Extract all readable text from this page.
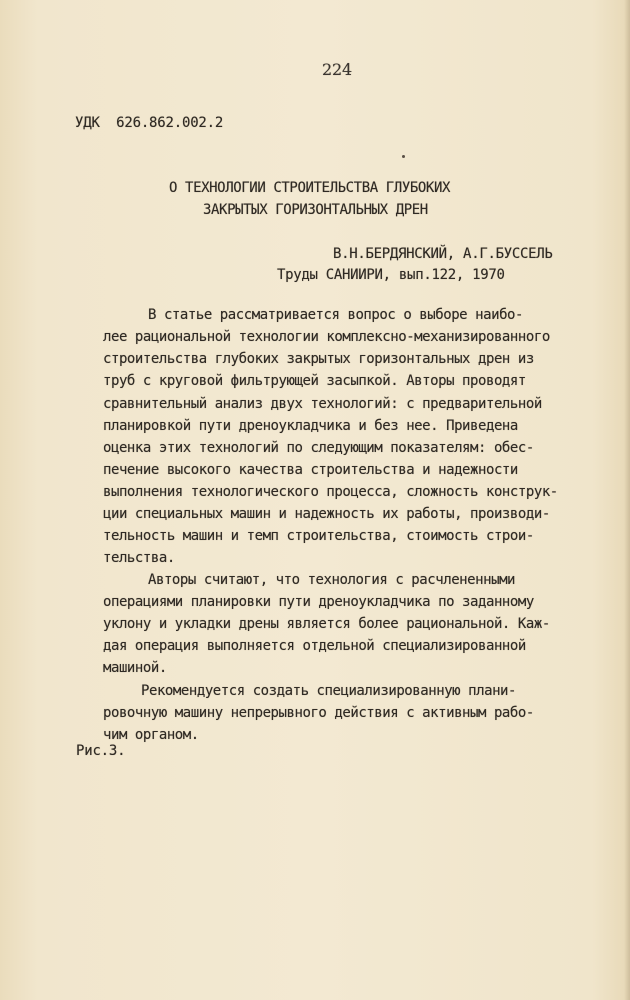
224
УДК  626.862.002.2
О ТЕХНОЛОГИИ СТРОИТЕЛЬСТВА ГЛУБОКИХ
ЗАКРЫТЫХ ГОРИЗОНТАЛЬНЫХ ДРЕН
В.Н.БЕРДЯНСКИЙ, А.Г.БУССЕЛЬ
Труды САНИИРИ, вып.122, 1970
В статье рассматривается вопрос о выборе наибо-
лее рациональной технологии комплексно-механизированного
строительства глубоких закрытых горизонтальных дрен из
труб с круговой фильтрующей засыпкой. Авторы проводят
сравнительный анализ двух технологий: с предварительной
планировкой пути дреноукладчика и без нее. Приведена
оценка этих технологий по следующим показателям: обес-
печение высокого качества строительства и надежности
выполнения технологического процесса, сложность конструк-
ции специальных машин и надежность их работы, производи-
тельность машин и темп строительства, стоимость строи-
тельства.
Авторы считают, что технология с расчлененными
операциями планировки пути дреноукладчика по заданному
уклону и укладки дрены является более рациональной. Каж-
дая операция выполняется отдельной специализированной
машиной.
Рекомендуется создать специализированную плани-
ровочную машину непрерывного действия с активным рабо-
чим органом.
Рис.3.
